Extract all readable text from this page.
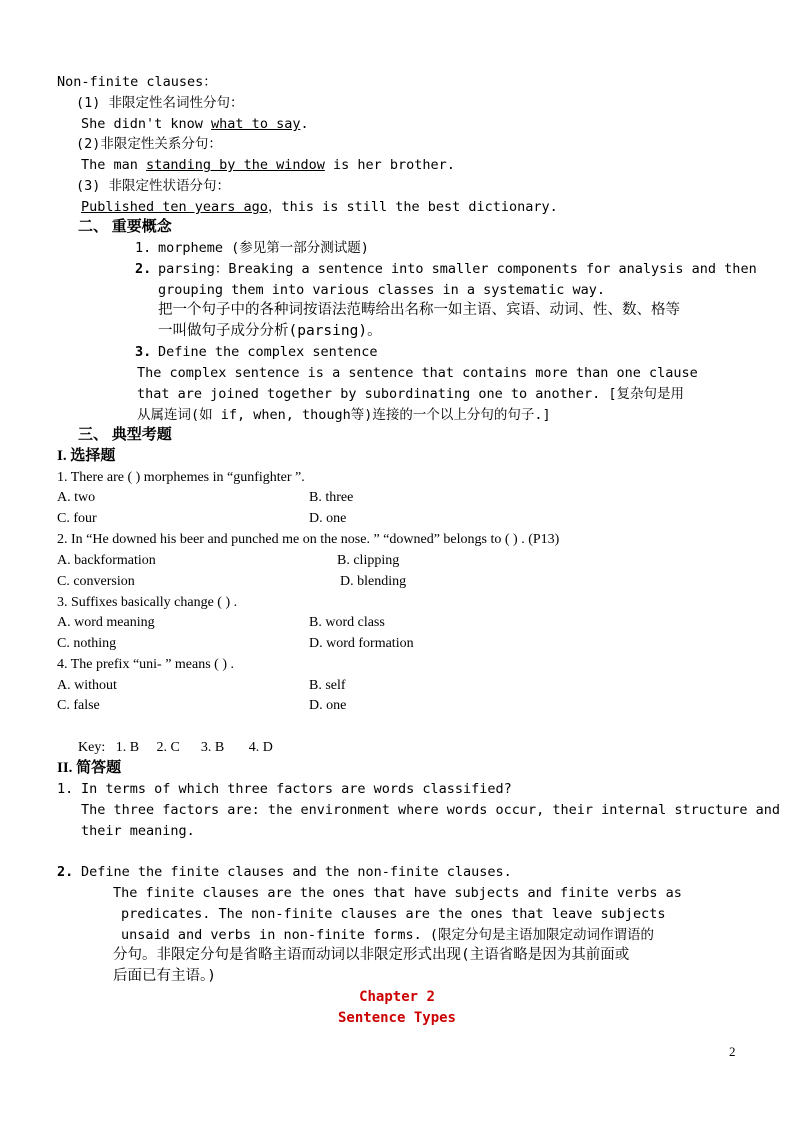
Non-finite clauses：
(1) 非限定性名词性分句：
She didn't know what to say.
(2)非限定性关系分句：
The man standing by the window is her brother.
(3) 非限定性状语分句：
Published ten years ago，this is still the best dictionary.
二、 重要概念
1. morpheme (参见第一部分测试题)
2. parsing：Breaking a sentence into smaller components for analysis and then
grouping them into various classes in a systematic way.
把一个句子中的各种词按语法范畴给出名称一如主语、宾语、动词、性、数、格等
一叫做句子成分分析(parsing)。
3. Define the complex sentence
The complex sentence is a sentence that contains more than one clause
that are joined together by subordinating one to another. [复杂句是用
从属连词(如 if, when, though等)连接的一个以上分句的句子.]
三、 典型考题
I. 选择题
1. There are ( ) morphemes in “gunfighter ”.
A. two	B. three
C. four	D. one
2. In “He downed his beer and punched me on the nose. ” “downed” belongs to ( ) . (P13)
A. backformation	B. clipping
C. conversion	D. blending
3. Suffixes basically change ( ) .
A. word meaning	B. word class
C. nothing	D. word formation
4. The prefix “uni- ” means ( ) .
A. without	B. self
C. false	D. one
Key:   1. B     2. C      3. B       4. D
II. 简答题
1. In terms of which three factors are words classified?
The three factors are: the environment where words occur, their internal structure and
their meaning.
2. Define the finite clauses and the non-finite clauses.
The finite clauses are the ones that have subjects and finite verbs as
predicates. The non-finite clauses are the ones that leave subjects
unsaid and verbs in non-finite forms. (限定分句是主语加限定动词作谓语的
分句。非限定分句是省略主语而动词以非限定形式出现(主语省略是因为其前面或
后面已有主语。)
Chapter 2
Sentence Types
2
